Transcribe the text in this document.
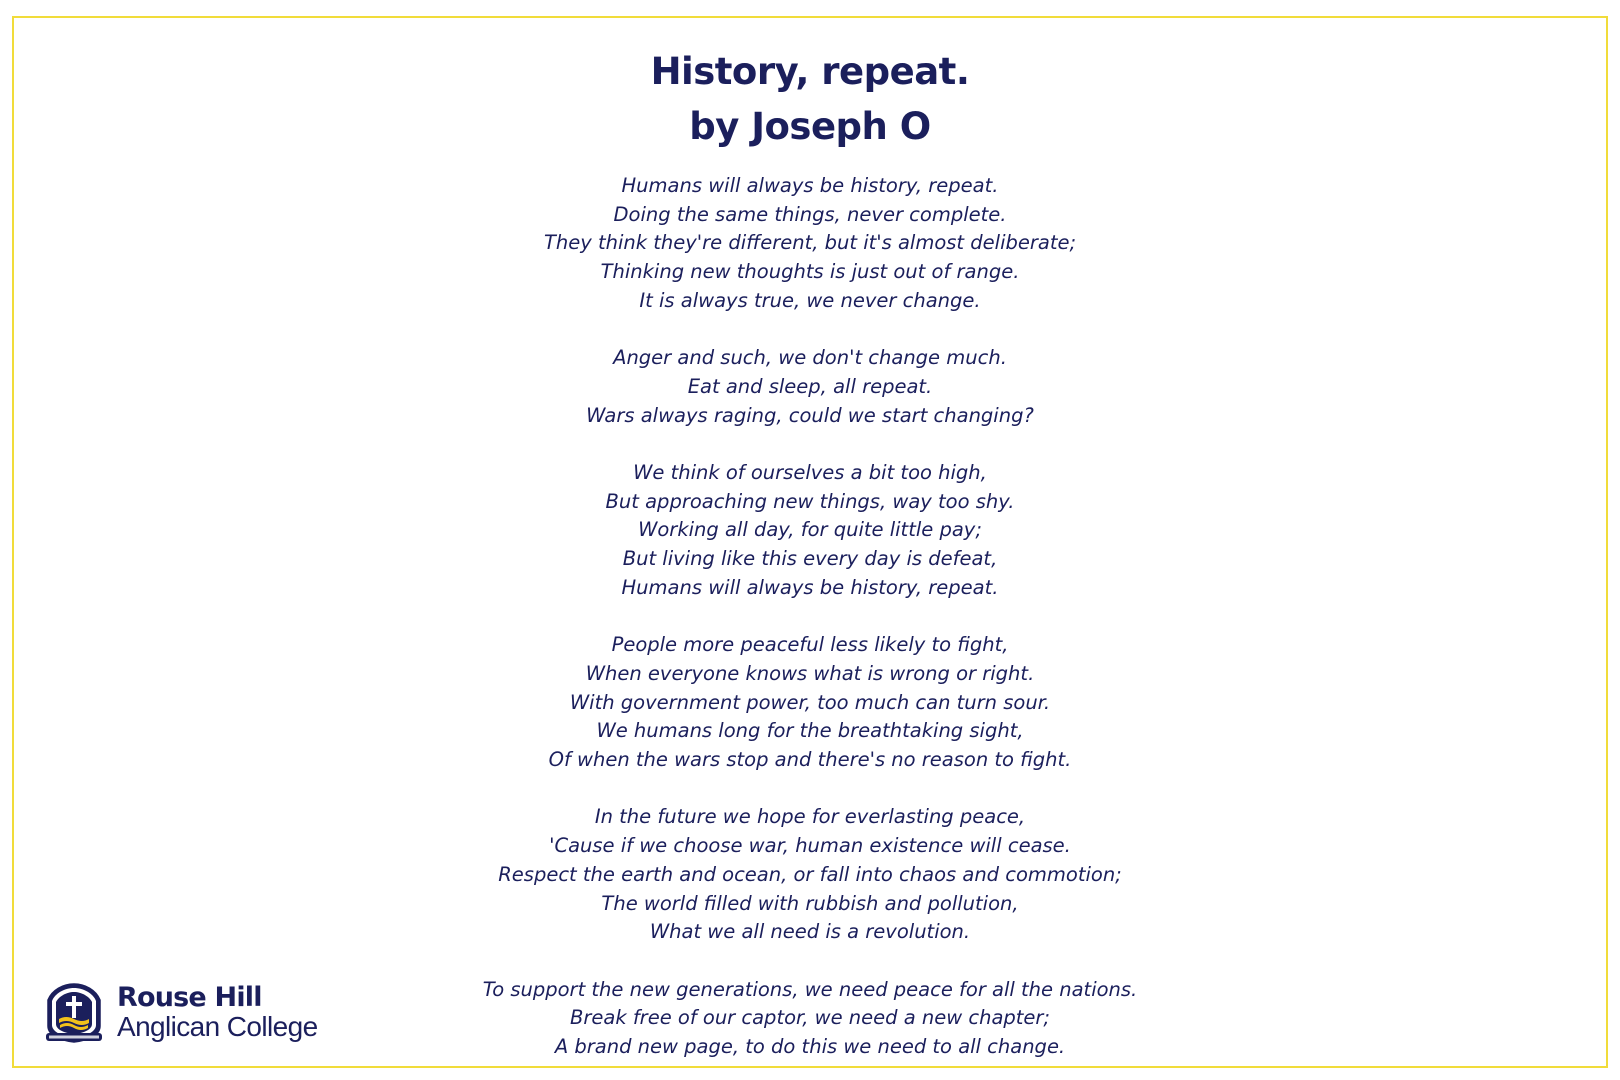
History, repeat.
by Joseph O
Humans will always be history, repeat.
Doing the same things, never complete.
They think they're different, but it's almost deliberate;
Thinking new thoughts is just out of range.
It is always true, we never change.
Anger and such, we don't change much.
Eat and sleep, all repeat.
Wars always raging, could we start changing?
We think of ourselves a bit too high,
But approaching new things, way too shy.
Working all day, for quite little pay;
But living like this every day is defeat,
Humans will always be history, repeat.
People more peaceful less likely to fight,
When everyone knows what is wrong or right.
With government power, too much can turn sour.
We humans long for the breathtaking sight,
Of when the wars stop and there's no reason to fight.
In the future we hope for everlasting peace,
'Cause if we choose war, human existence will cease.
Respect the earth and ocean, or fall into chaos and commotion;
The world filled with rubbish and pollution,
What we all need is a revolution.
To support the new generations, we need peace for all the nations.
Break free of our captor, we need a new chapter;
A brand new page, to do this we need to all change.
Rouse Hill
Anglican College
